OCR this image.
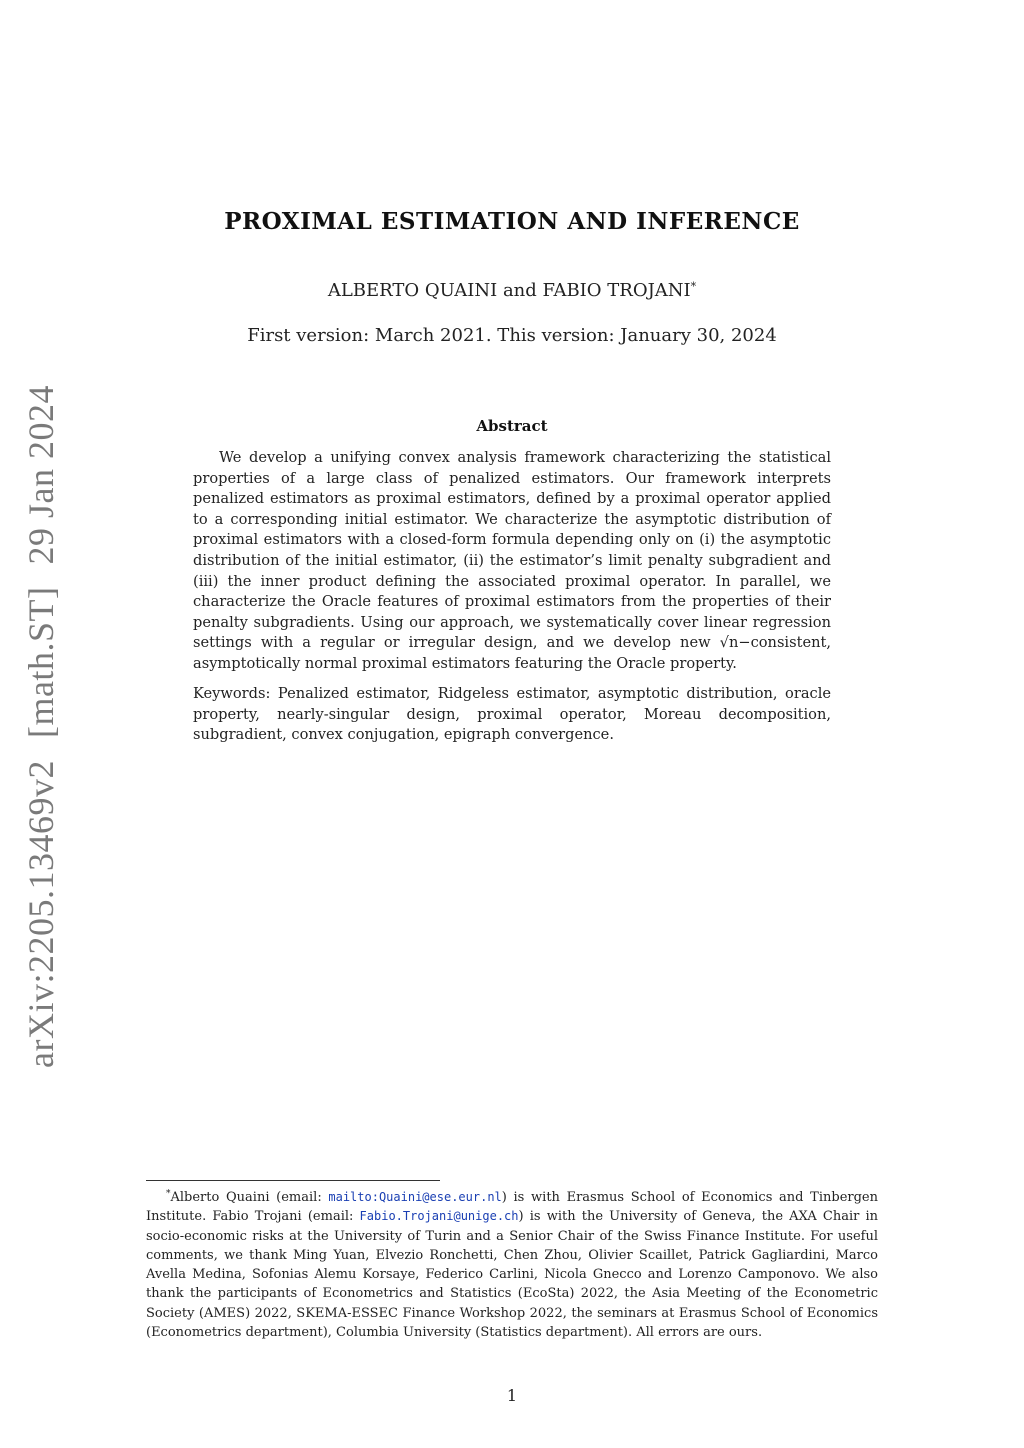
arXiv:2205.13469v2[math.ST]29 Jan 2024
PROXIMAL ESTIMATION AND INFERENCE
ALBERTO QUAINI and FABIO TROJANI*
First version: March 2021. This version: January 30, 2024
Abstract

We develop a unifying convex analysis framework characterizing the statistical properties of a large class of penalized estimators. Our framework interprets penalized estimators as proximal estimators, defined by a proximal operator applied to a corresponding initial estimator. We characterize the asymptotic distribution of proximal estimators with a closed-form formula depending only on (i) the asymptotic distribution of the initial estimator, (ii) the estimator’s limit penalty subgradient and (iii) the inner product defining the associated proximal operator. In parallel, we characterize the Oracle features of proximal estimators from the properties of their penalty subgradients. Using our approach, we systematically cover linear regression settings with a regular or irregular design, and we develop new √n−consistent, asymptotically normal proximal estimators featuring the Oracle property.

Keywords: Penalized estimator, Ridgeless estimator, asymptotic distribution, oracle property, nearly-singular design, proximal operator, Moreau decomposition, subgradient, convex conjugation, epigraph convergence.

*Alberto Quaini (email: mailto:Quaini@ese.eur.nl) is with Erasmus School of Economics and Tinbergen Institute. Fabio Trojani (email: Fabio.Trojani@unige.ch) is with the University of Geneva, the AXA Chair in socio-economic risks at the University of Turin and a Senior Chair of the Swiss Finance Institute. For useful comments, we thank Ming Yuan, Elvezio Ronchetti, Chen Zhou, Olivier Scaillet, Patrick Gagliardini, Marco Avella Medina, Sofonias Alemu Korsaye, Federico Carlini, Nicola Gnecco and Lorenzo Camponovo. We also thank the participants of Econometrics and Statistics (EcoSta) 2022, the Asia Meeting of the Econometric Society (AMES) 2022, SKEMA-ESSEC Finance Workshop 2022, the seminars at Erasmus School of Economics (Econometrics department), Columbia University (Statistics department). All errors are ours.

1
